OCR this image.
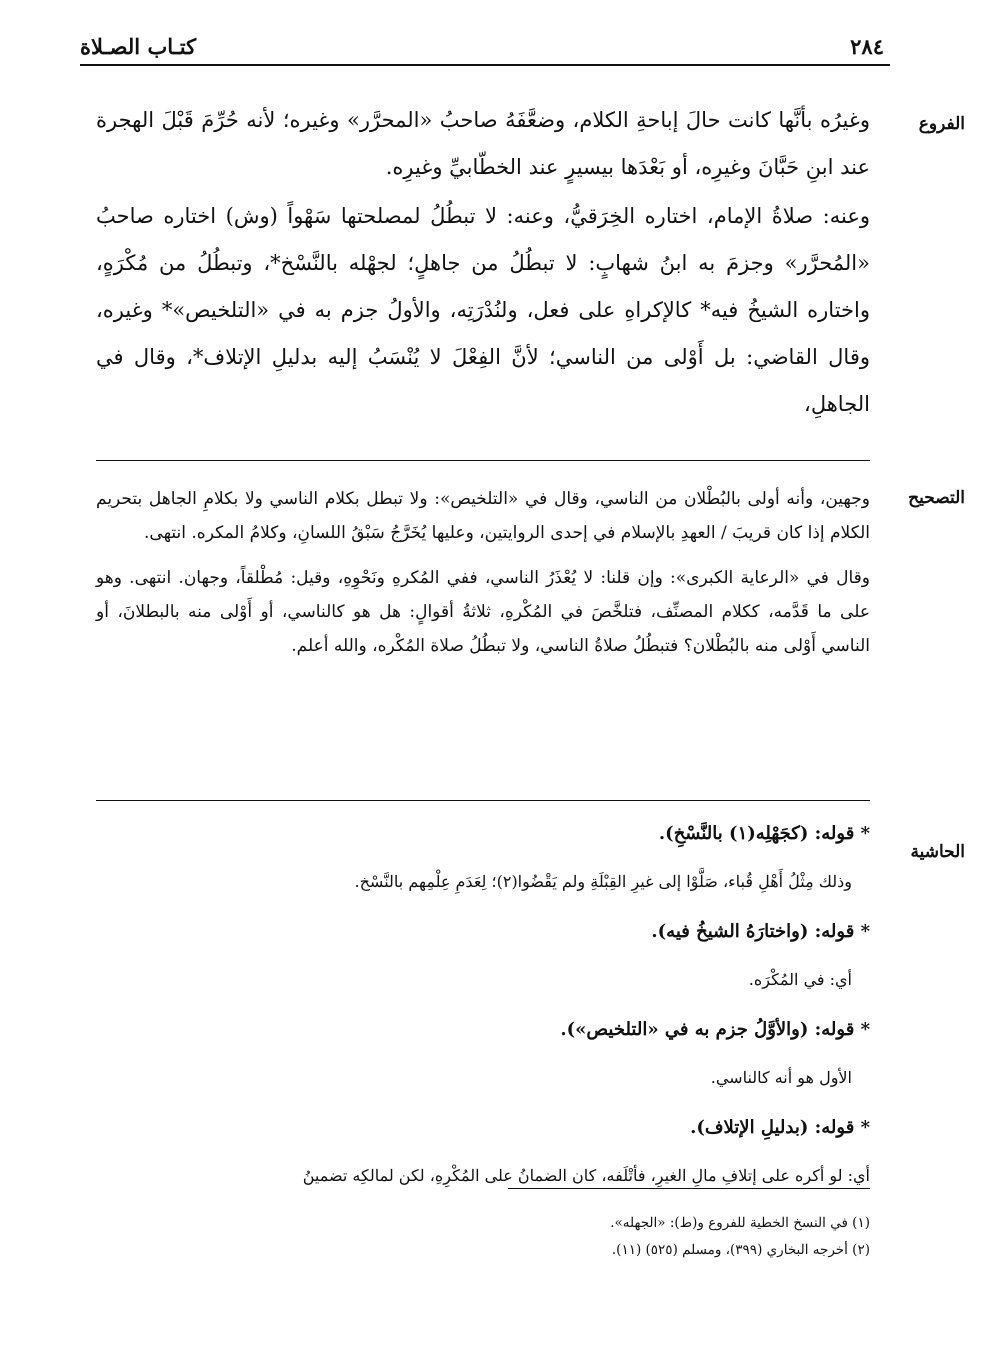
كتـاب الصـلاة	٢٨٤
الفروع

وغيرُه بأنَّها كانت حالَ إباحةِ الكلام، وضعَّفَهُ صاحبُ «المحرَّر» وغيره؛ لأنه حُرِّمَ قَبْلَ الهجرة عند ابنِ حَبَّانَ وغيرِه، أو بَعْدَها بيسيرٍ عند الخطّابيِّ وغيرِه.

وعنه: صلاةُ الإمام، اختاره الخِرَقيُّ، وعنه: لا تبطُلُ لمصلحتها سَهْواً (وش) اختاره صاحبُ «المُحرَّر» وجزمَ به ابنُ شهابٍ: لا تبطُلُ من جاهلٍ؛ لجهْله بالنَّسْخ*، وتبطُلُ من مُكْرَهٍ، واختاره الشيخُ فيه* كالإكراهِ على فعل، ولنُدْرَتِه، والأولُ جزم به في «التلخيص»* وغيره، وقال القاضي: بل أَوْلى من الناسي؛ لأنَّ الفِعْلَ لا يُنْسَبُ إليه بدليلِ الإتلاف*، وقال في الجاهلِ،

التصحيح

وجهين، وأنه أولى بالبُطْلان من الناسي، وقال في «التلخيص»: ولا تبطل بكلام الناسي ولا بكلامِ الجاهل بتحريم الكلام إذا كان قريبَ / العهدِ بالإسلام في إحدى الروايتين، وعليها يُخَرَّجُ سَبْقُ اللسانِ، وكلامُ المكره. انتهى.

وقال في «الرعاية الكبرى»: وإن قلنا: لا يُعْذَرُ الناسي، ففي المُكرهِ ونَحْوِهِ، وقيل: مُطْلقاً، وجهان. انتهى. وهو على ما قَدَّمه، ككلام المصنِّف، فتلخَّصَ في المُكْرهِ، ثلاثةُ أقوالٍ: هل هو كالناسي، أو أَوْلى منه بالبطلانَ، أو الناسي أَوْلى منه بالبُطْلان؟ فتبطُلُ صلاةُ الناسي، ولا تبطُلُ صلاة المُكْره، والله أعلم.

الحاشية

* قوله: (كجَهْلِه(١) بالنَّسْخِ).

وذلك مِثْلُ أَهْلِ قُباء، صَلَّوْا إلى غيرِ القِبْلَةِ ولم يَقْضُوا(٢)؛ لِعَدَمِ عِلْمِهم بالنَّسْخ.

* قوله: (واختارَهُ الشيخُ فيه).

أي: في المُكْرَه.

* قوله: (والأوَّلُ جزم به في «التلخيص»).

الأول هو أنه كالناسي.

* قوله: (بدليلِ الإتلاف).

أي: لو أكره على إتلافِ مالِ الغيرِ، فأتْلَفه، كان الضمانُ على المُكْرِهِ، لكن لمالكِه تضمينُ

(١) في النسخ الخطية للفروع و(ط): «الجهله».

(٢) أخرجه البخاري (٣٩٩)، ومسلم (٥٢٥) (١١).
